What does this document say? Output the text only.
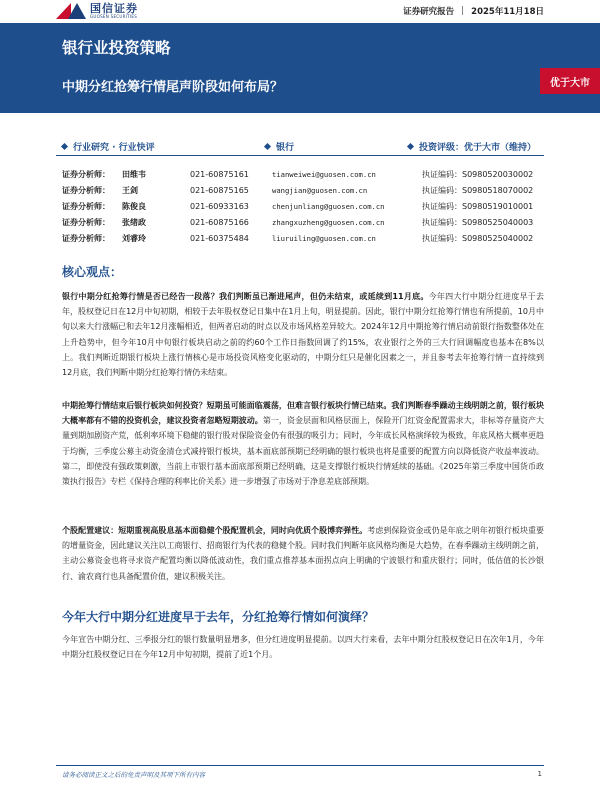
国信证券
GUOSEN SECURITIES	证券研究报告 2025年11月18日
银行业投资策略
中期分红抢筹行情尾声阶段如何布局？	优于大市
行业研究 · 行业快评	银行	投资评级：优于大市（维持）
证券分析师：	田维韦	021-60875161	tianweiwei@guosen.com.cn	执证编码：S0980520030002
证券分析师：	王剑	021-60875165	wangjian@guosen.com.cn	执证编码：S0980518070002
证券分析师：	陈俊良	021-60933163	chenjunliang@guosen.com.cn	执证编码：S0980519010001
证券分析师：	张绪政	021-60875166	zhangxuzheng@guosen.com.cn	执证编码：S0980525040003
证券分析师：	刘睿玲	021-60375484	liuruiling@guosen.com.cn	执证编码：S0980525040002
核心观点：
银行中期分红抢筹行情是否已经告一段落？我们判断虽已渐进尾声，但仍未结束，或延续到11月底。今年四大行中期分红进度早于去年，股权登记日在12月中旬初期，相较于去年股权登记日集中在1月上旬，明显提前。因此，银行中期分红抢筹行情也有所提前，10月中旬以来大行涨幅已和去年12月涨幅相近，但两者启动的时点以及市场风格差异较大。2024年12月中期抢筹行情启动前银行指数整体处在上升趋势中，但今年10月中旬银行板块启动之前的约60个工作日指数回调了约15%，农业银行之外的三大行回调幅度也基本在8%以上。我们判断近期银行板块上涨行情核心是市场投资风格变化驱动的，中期分红只是催化因素之一，并且参考去年抢筹行情一直持续到12月底，我们判断中期分红抢筹行情仍未结束。
中期抢筹行情结束后银行板块如何投资？短期虽可能面临震荡，但难言银行板块行情已结束。我们判断春季躁动主线明朗之前，银行板块大概率都有不错的投资机会，建议投资者忽略短期波动。第一，资金层面和风格层面上，保险开门红资金配置需求大，非标等存量资产大量到期加剧资产荒，低利率环境下稳健的银行股对保险资金仍有很强的吸引力；同时，今年成长风格演绎较为极致，年底风格大概率更趋于均衡，三季度公募主动资金清仓式减持银行板块，基本面底部预期已经明确的银行板块也将是重要的配置方向以降低资产收益率波动。第二，即使没有强政策刺激，当前上市银行基本面底部预期已经明确，这是支撑银行板块行情延续的基础。《2025年第三季度中国货币政策执行报告》专栏《保持合理的利率比价关系》进一步增强了市场对于净息差底部预期。
个股配置建议：短期重视高股息基本面稳健个股配置机会，同时向优质个股博弈弹性。考虑到保险资金或仍是年底之明年初银行板块重要的增量资金，因此建议关注以工商银行、招商银行为代表的稳健个股。同时我们判断年底风格均衡是大趋势，在春季躁动主线明朗之前，主动公募资金也将寻求资产配置均衡以降低波动性，我们重点推荐基本面拐点向上明确的宁波银行和重庆银行；同时，低估值的长沙银行、渝农商行也具备配置价值，建议积极关注。
今年大行中期分红进度早于去年，分红抢筹行情如何演绎？
今年宣告中期分红、三季报分红的银行数量明显增多，但分红进度明显提前。以四大行来看，去年中期分红股权登记日在次年1月，今年中期分红股权登记日在今年12月中旬初期，提前了近1个月。
请务必阅读正文之后的免责声明及其项下所有内容	1
